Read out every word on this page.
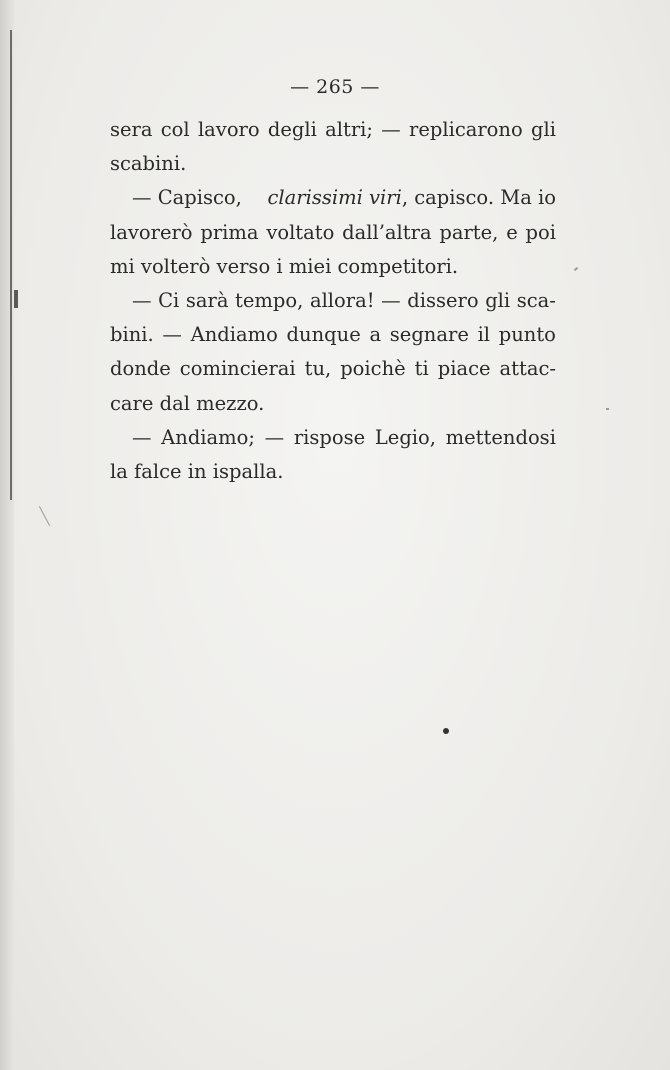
— 265 —
sera col lavoro degli altri; — replicarono gli
scabini.
— Capisco, clarissimi viri, capisco. Ma io
lavorerò prima voltato dall’altra parte, e poi
mi volterò verso i miei competitori.
— Ci sarà tempo, allora! — dissero gli sca-
bini. — Andiamo dunque a segnare il punto
donde comincierai tu, poichè ti piace attac-
care dal mezzo.
— Andiamo; — rispose Legio, mettendosi
la falce in ispalla.
